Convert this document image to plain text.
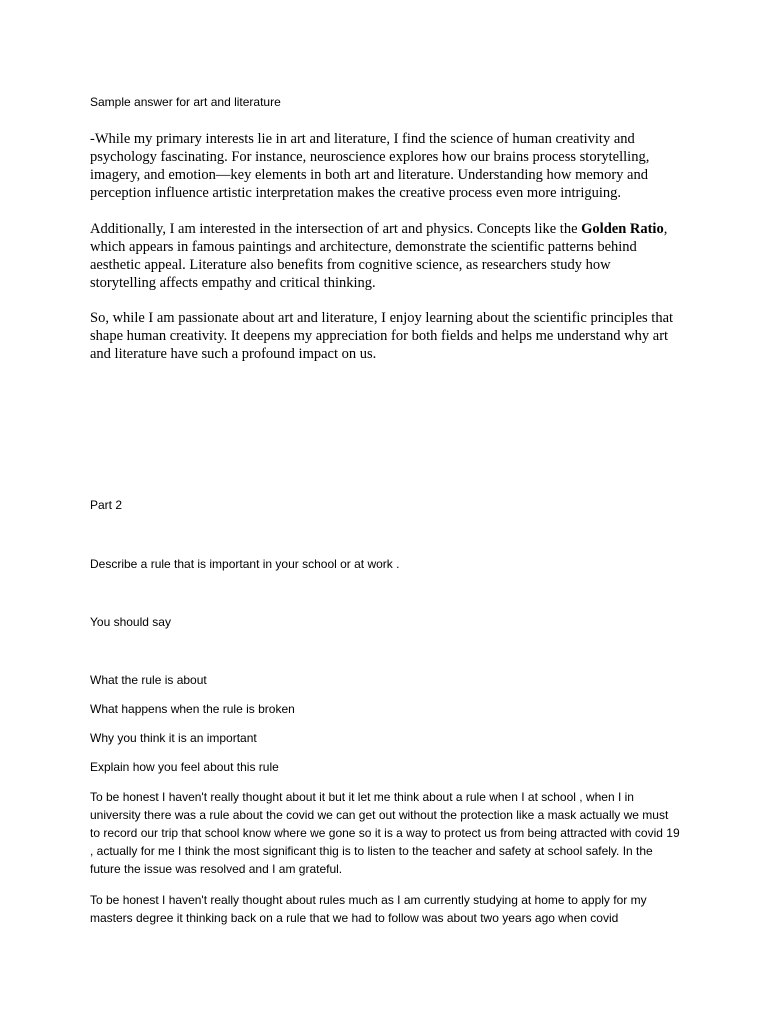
Sample answer for art and literature

-While my primary interests lie in art and literature, I find the science of human creativity and psychology fascinating. For instance, neuroscience explores how our brains process storytelling, imagery, and emotion—key elements in both art and literature. Understanding how memory and perception influence artistic interpretation makes the creative process even more intriguing.

Additionally, I am interested in the intersection of art and physics. Concepts like the Golden Ratio, which appears in famous paintings and architecture, demonstrate the scientific patterns behind aesthetic appeal. Literature also benefits from cognitive science, as researchers study how storytelling affects empathy and critical thinking.

So, while I am passionate about art and literature, I enjoy learning about the scientific principles that shape human creativity. It deepens my appreciation for both fields and helps me understand why art and literature have such a profound impact on us.

Part 2

Describe a rule that is important in your school or at work .

You should say

What the rule is about

What happens when the rule is broken

Why you think it is an important

Explain how you feel about this rule

To be honest I haven't really thought about it but it let me think about a rule when I at school , when I in university there was a rule about the covid we can get out without the protection like a mask actually we must to record our trip that school know where we gone so it is a way to protect us from being attracted with covid 19 , actually for me I think the most significant thig is to listen to the teacher and safety at school safely. In the future the issue was resolved and I am grateful.

To be honest I haven't really thought about rules much as I am currently studying at home to apply for my masters degree it thinking back on a rule that we had to follow was about two years ago when covid
